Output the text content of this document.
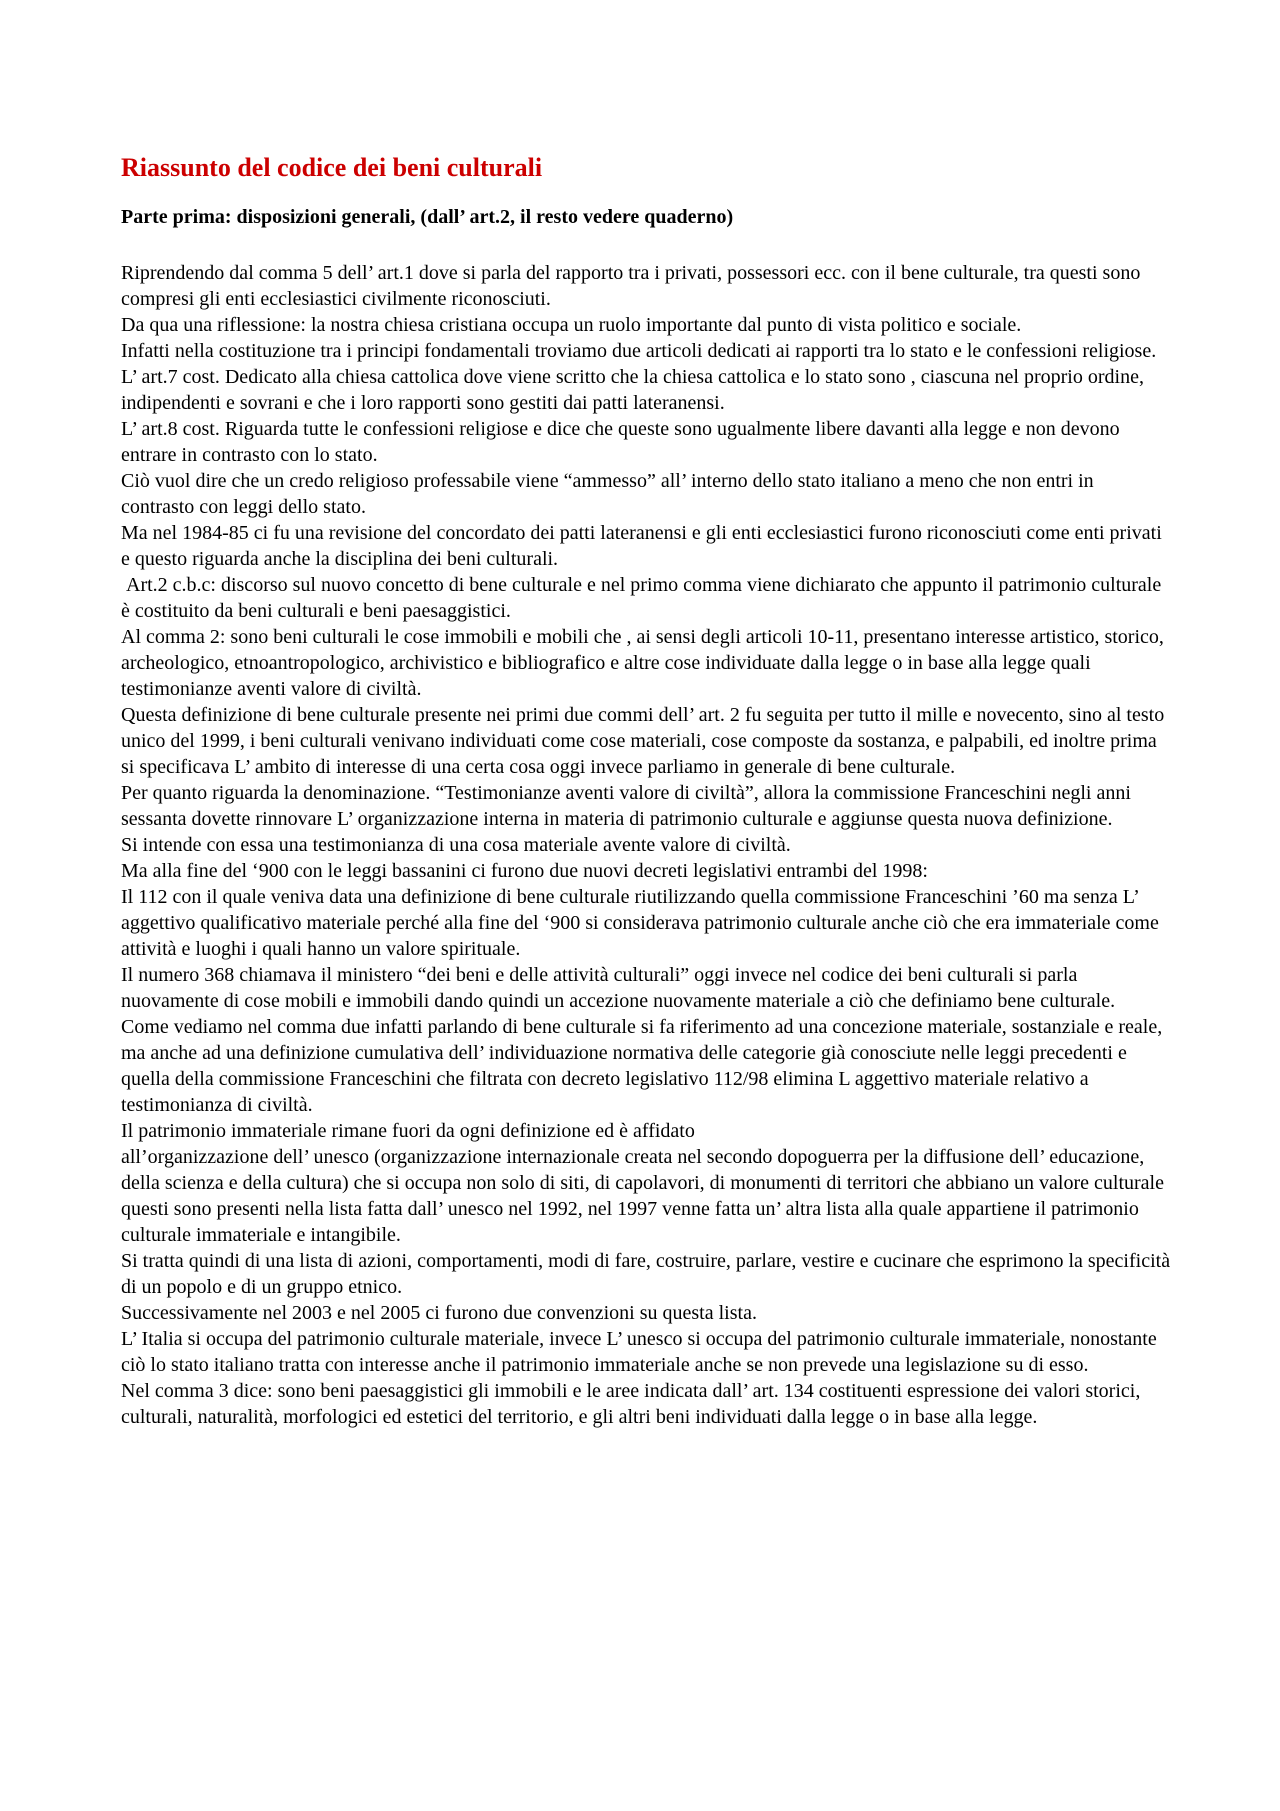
Riassunto del codice dei beni culturali
Parte prima: disposizioni generali, (dall’ art.2, il resto vedere quaderno)

Riprendendo dal comma 5 dell’ art.1 dove si parla del rapporto tra i privati, possessori ecc. con il bene culturale, tra questi sono compresi gli enti ecclesiastici civilmente riconosciuti.

Da qua una riflessione: la nostra chiesa cristiana occupa un ruolo importante dal punto di vista politico e sociale.

Infatti nella costituzione tra i principi fondamentali troviamo due articoli dedicati ai rapporti tra lo stato e le confessioni religiose.

L’ art.7 cost. Dedicato alla chiesa cattolica dove viene scritto che la chiesa cattolica e lo stato sono , ciascuna nel proprio ordine, indipendenti e sovrani e che i loro rapporti sono gestiti dai patti lateranensi.

L’ art.8 cost. Riguarda tutte le confessioni religiose e dice che queste sono ugualmente libere davanti alla legge e non devono entrare in contrasto con lo stato.

Ciò vuol dire che un credo religioso professabile viene “ammesso” all’ interno dello stato italiano a meno che non entri in contrasto con leggi dello stato.

Ma nel 1984-85 ci fu una revisione del concordato dei patti lateranensi e gli enti ecclesiastici furono riconosciuti come enti privati e questo riguarda anche la disciplina dei beni culturali.

Art.2 c.b.c: discorso sul nuovo concetto di bene culturale e nel primo comma viene dichiarato che appunto il patrimonio culturale è costituito da beni culturali e beni paesaggistici.

Al comma 2: sono beni culturali le cose immobili e mobili che , ai sensi degli articoli 10-11, presentano interesse artistico, storico, archeologico, etnoantropologico, archivistico e bibliografico e altre cose individuate dalla legge o in base alla legge quali testimonianze aventi valore di civiltà.

Questa definizione di bene culturale presente nei primi due commi dell’ art. 2 fu seguita per tutto il mille e novecento, sino al testo unico del 1999, i beni culturali venivano individuati come cose materiali, cose composte da sostanza, e palpabili, ed inoltre prima si specificava L’ ambito di interesse di una certa cosa oggi invece parliamo in generale di bene culturale.

Per quanto riguarda la denominazione. “Testimonianze aventi valore di civiltà”, allora la commissione Franceschini negli anni sessanta dovette rinnovare L’ organizzazione interna in materia di patrimonio culturale e aggiunse questa nuova definizione.

Si intende con essa una testimonianza di una cosa materiale avente valore di civiltà.

Ma alla fine del ‘900 con le leggi bassanini ci furono due nuovi decreti legislativi entrambi del 1998:

Il 112 con il quale veniva data una definizione di bene culturale riutilizzando quella commissione Franceschini ’60 ma senza L’ aggettivo qualificativo materiale perché alla fine del ‘900 si considerava patrimonio culturale anche ciò che era immateriale come attività e luoghi i quali hanno un valore spirituale.

Il numero 368 chiamava il ministero “dei beni e delle attività culturali” oggi invece nel codice dei beni culturali si parla nuovamente di cose mobili e immobili dando quindi un accezione nuovamente materiale a ciò che definiamo bene culturale.

Come vediamo nel comma due infatti parlando di bene culturale si fa riferimento ad una concezione materiale, sostanziale e reale, ma anche ad una definizione cumulativa dell’ individuazione normativa delle categorie già conosciute nelle leggi precedenti e quella della commissione Franceschini che filtrata con decreto legislativo 112/98 elimina L aggettivo materiale relativo a testimonianza di civiltà.

Il patrimonio immateriale rimane fuori da ogni definizione ed è affidato

all’organizzazione dell’ unesco (organizzazione internazionale creata nel secondo dopoguerra per la diffusione dell’ educazione, della scienza e della cultura) che si occupa non solo di siti, di capolavori, di monumenti di territori che abbiano un valore culturale questi sono presenti nella lista fatta dall’ unesco nel 1992, nel 1997 venne fatta un’ altra lista alla quale appartiene il patrimonio culturale immateriale e intangibile.

Si tratta quindi di una lista di azioni, comportamenti, modi di fare, costruire, parlare, vestire e cucinare che esprimono la specificità di un popolo e di un gruppo etnico.

Successivamente nel 2003 e nel 2005 ci furono due convenzioni su questa lista.

L’ Italia si occupa del patrimonio culturale materiale, invece L’ unesco si occupa del patrimonio culturale immateriale, nonostante ciò lo stato italiano tratta con interesse anche il patrimonio immateriale anche se non prevede una legislazione su di esso.

Nel comma 3 dice: sono beni paesaggistici gli immobili e le aree indicata dall’ art. 134 costituenti espressione dei valori storici, culturali, naturalità, morfologici ed estetici del territorio, e gli altri beni individuati dalla legge o in base alla legge.
